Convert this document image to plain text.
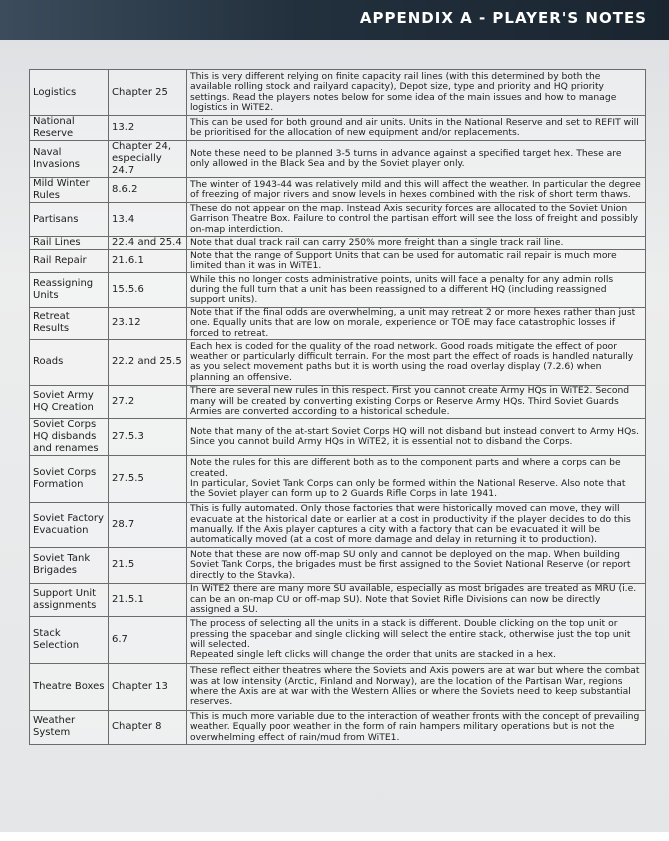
APPENDIX A - PLAYER'S NOTES
Logistics	Chapter 25	This is very different relying on finite capacity rail lines (with this determined by both the available rolling stock and railyard capacity), Depot size, type and priority and HQ priority settings. Read the players notes below for some idea of the main issues and how to manage logistics in WiTE2.

National Reserve	13.2	This can be used for both ground and air units. Units in the National Reserve and set to REFIT will be prioritised for the allocation of new equipment and/or replacements.

Naval Invasions	Chapter 24, especially 24.7	Note these need to be planned 3-5 turns in advance against a specified target hex. These are only allowed in the Black Sea and by the Soviet player only.

Mild Winter Rules	8.6.2	The winter of 1943-44 was relatively mild and this will affect the weather. In particular the degree of freezing of major rivers and snow levels in hexes combined with the risk of short term thaws.

Partisans	13.4	These do not appear on the map. Instead Axis security forces are allocated to the Soviet Union Garrison Theatre Box. Failure to control the partisan effort will see the loss of freight and possibly on-map interdiction.

Rail Lines	22.4 and 25.4	Note that dual track rail can carry 250% more freight than a single track rail line.

Rail Repair	21.6.1	Note that the range of Support Units that can be used for automatic rail repair is much more limited than it was in WiTE1.

Reassigning Units	15.5.6	While this no longer costs administrative points, units will face a penalty for any admin rolls during the full turn that a unit has been reassigned to a different HQ (including reassigned support units).

Retreat Results	23.12	Note that if the final odds are overwhelming, a unit may retreat 2 or more hexes rather than just one. Equally units that are low on morale, experience or TOE may face catastrophic losses if forced to retreat.

Roads	22.2 and 25.5	Each hex is coded for the quality of the road network. Good roads mitigate the effect of poor weather or particularly difficult terrain. For the most part the effect of roads is handled naturally as you select movement paths but it is worth using the road overlay display (7.2.6) when planning an offensive.

Soviet Army HQ Creation	27.2	There are several new rules in this respect. First you cannot create Army HQs in WiTE2. Second many will be created by converting existing Corps or Reserve Army HQs. Third Soviet Guards Armies are converted according to a historical schedule.

Soviet Corps HQ disbands and renames	27.5.3	Note that many of the at-start Soviet Corps HQ will not disband but instead convert to Army HQs. Since you cannot build Army HQs in WiTE2, it is essential not to disband the Corps.

Soviet Corps Formation	27.5.5	Note the rules for this are different both as to the component parts and where a corps can be created.
In particular, Soviet Tank Corps can only be formed within the National Reserve. Also note that the Soviet player can form up to 2 Guards Rifle Corps in late 1941.

Soviet Factory Evacuation	28.7	This is fully automated. Only those factories that were historically moved can move, they will evacuate at the historical date or earlier at a cost in productivity if the player decides to do this manually. If the Axis player captures a city with a factory that can be evacuated it will be automatically moved (at a cost of more damage and delay in returning it to production).

Soviet Tank Brigades	21.5	Note that these are now off-map SU only and cannot be deployed on the map. When building Soviet Tank Corps, the brigades must be first assigned to the Soviet National Reserve (or report directly to the Stavka).

Support Unit assignments	21.5.1	In WiTE2 there are many more SU available, especially as most brigades are treated as MRU (i.e. can be an on-map CU or off-map SU). Note that Soviet Rifle Divisions can now be directly assigned a SU.

Stack Selection	6.7	The process of selecting all the units in a stack is different. Double clicking on the top unit or pressing the spacebar and single clicking will select the entire stack, otherwise just the top unit will selected.
Repeated single left clicks will change the order that units are stacked in a hex.

Theatre Boxes	Chapter 13	These reflect either theatres where the Soviets and Axis powers are at war but where the combat was at low intensity (Arctic, Finland and Norway), are the location of the Partisan War, regions where the Axis are at war with the Western Allies or where the Soviets need to keep substantial reserves.

Weather System	Chapter 8	This is much more variable due to the interaction of weather fronts with the concept of prevailing weather. Equally poor weather in the form of rain hampers military operations but is not the overwhelming effect of rain/mud from WiTE1.
